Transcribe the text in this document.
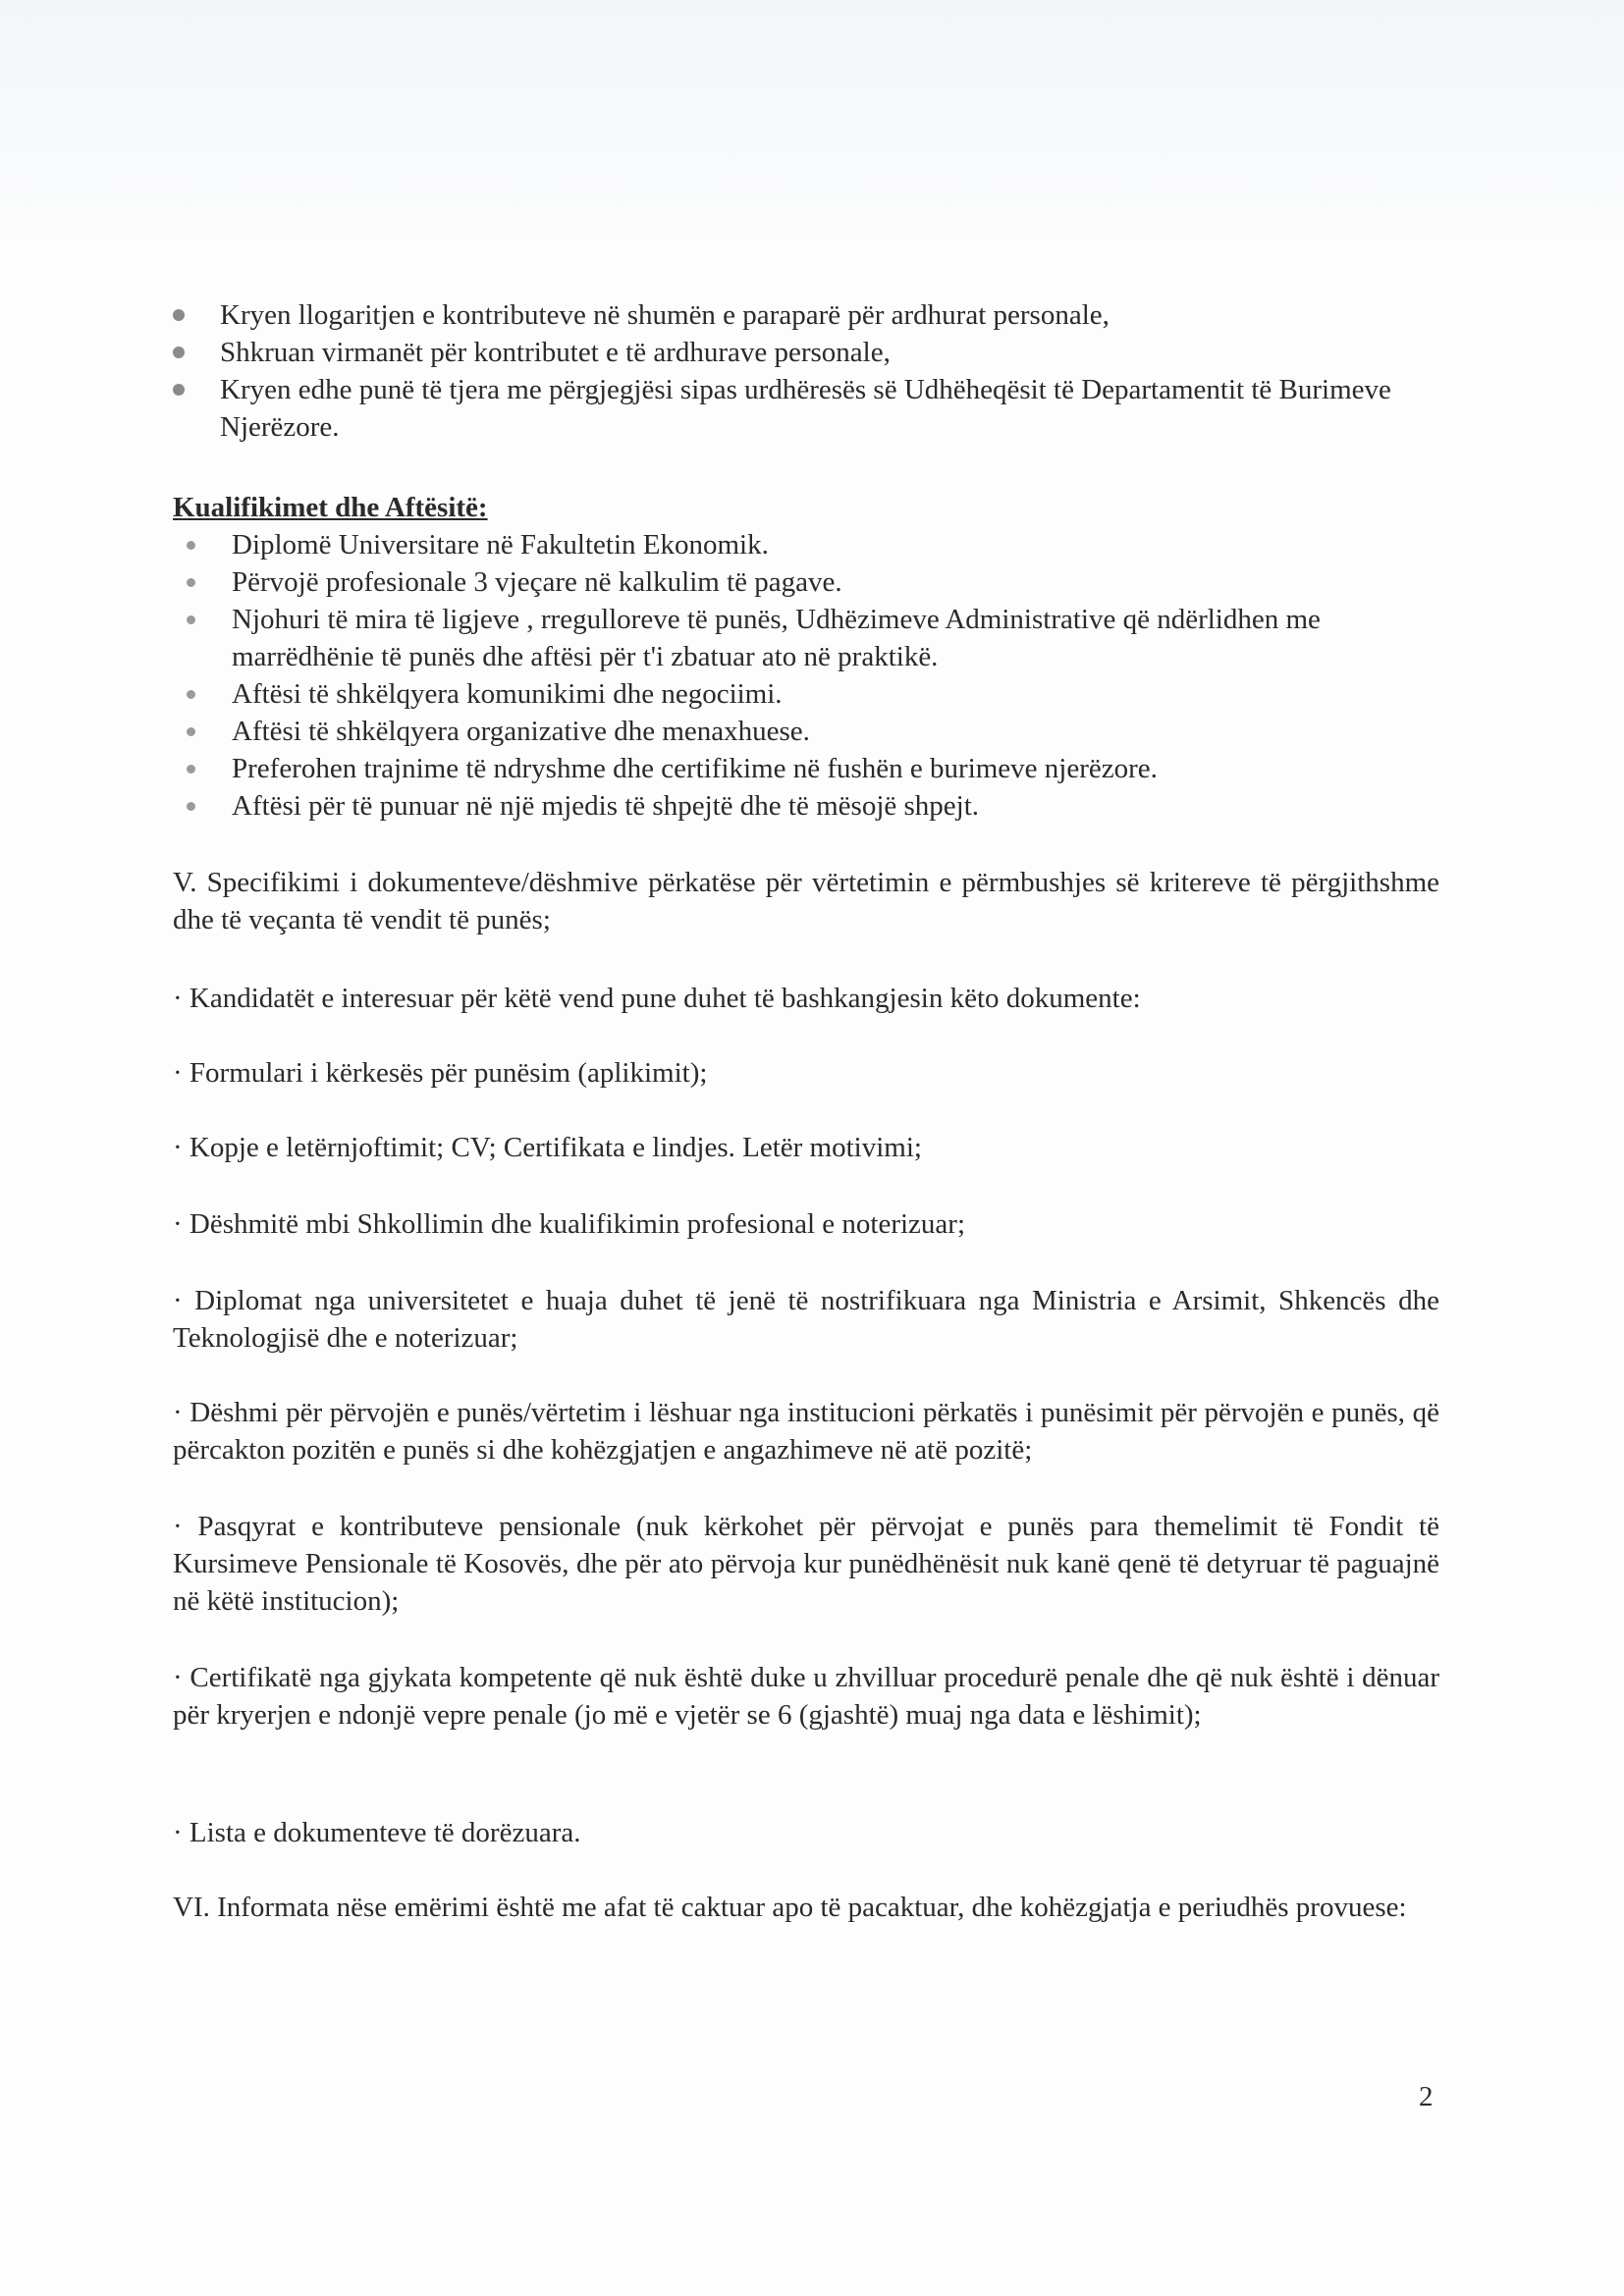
Kryen llogaritjen e kontributeve në shumën e paraparë për ardhurat personale,
Shkruan virmanët për kontributet e të ardhurave personale,
Kryen edhe punë të tjera me përgjegjësi sipas urdhëresës së Udhëheqësit të Departamentit të Burimeve Njerëzore.
Kualifikimet dhe Aftësitë:
Diplomë Universitare në Fakultetin Ekonomik.
Përvojë profesionale 3 vjeçare në kalkulim të pagave.
Njohuri të mira të ligjeve , rregulloreve të punës, Udhëzimeve Administrative që ndërlidhen me marrëdhënie të punës dhe aftësi për t'i zbatuar ato në praktikë.
Aftësi të shkëlqyera komunikimi dhe negociimi.
Aftësi të shkëlqyera organizative dhe menaxhuese.
Preferohen trajnime të ndryshme dhe certifikime në fushën e burimeve njerëzore.
Aftësi për të punuar në një mjedis të shpejtë dhe të mësojë shpejt.
V. Specifikimi i dokumenteve/dëshmive përkatëse për vërtetimin e përmbushjes së kritereve të përgjithshme dhe të veçanta të vendit të punës;
· Kandidatët e interesuar për këtë vend pune duhet të bashkangjesin këto dokumente:
· Formulari i kërkesës për punësim (aplikimit);
· Kopje e letërnjoftimit; CV; Certifikata e lindjes. Letër motivimi;
· Dëshmitë mbi Shkollimin dhe kualifikimin profesional e noterizuar;
· Diplomat nga universitetet e huaja duhet të jenë të nostrifikuara nga Ministria e Arsimit, Shkencës dhe Teknologjisë dhe e noterizuar;
· Dëshmi për përvojën e punës/vërtetim i lëshuar nga institucioni përkatës i punësimit për përvojën e punës, që përcakton pozitën e punës si dhe kohëzgjatjen e angazhimeve në atë pozitë;
· Pasqyrat e kontributeve pensionale (nuk kërkohet për përvojat e punës para themelimit të Fondit të Kursimeve Pensionale të Kosovës, dhe për ato përvoja kur punëdhënësit nuk kanë qenë të detyruar të paguajnë në këtë institucion);
· Certifikatë nga gjykata kompetente që nuk është duke u zhvilluar procedurë penale dhe që nuk është i dënuar për kryerjen e ndonjë vepre penale (jo më e vjetër se 6 (gjashtë) muaj nga data e lëshimit);
· Lista e dokumenteve të dorëzuara.
VI. Informata nëse emërimi është me afat të caktuar apo të pacaktuar, dhe kohëzgjatja e periudhës provuese:
2
